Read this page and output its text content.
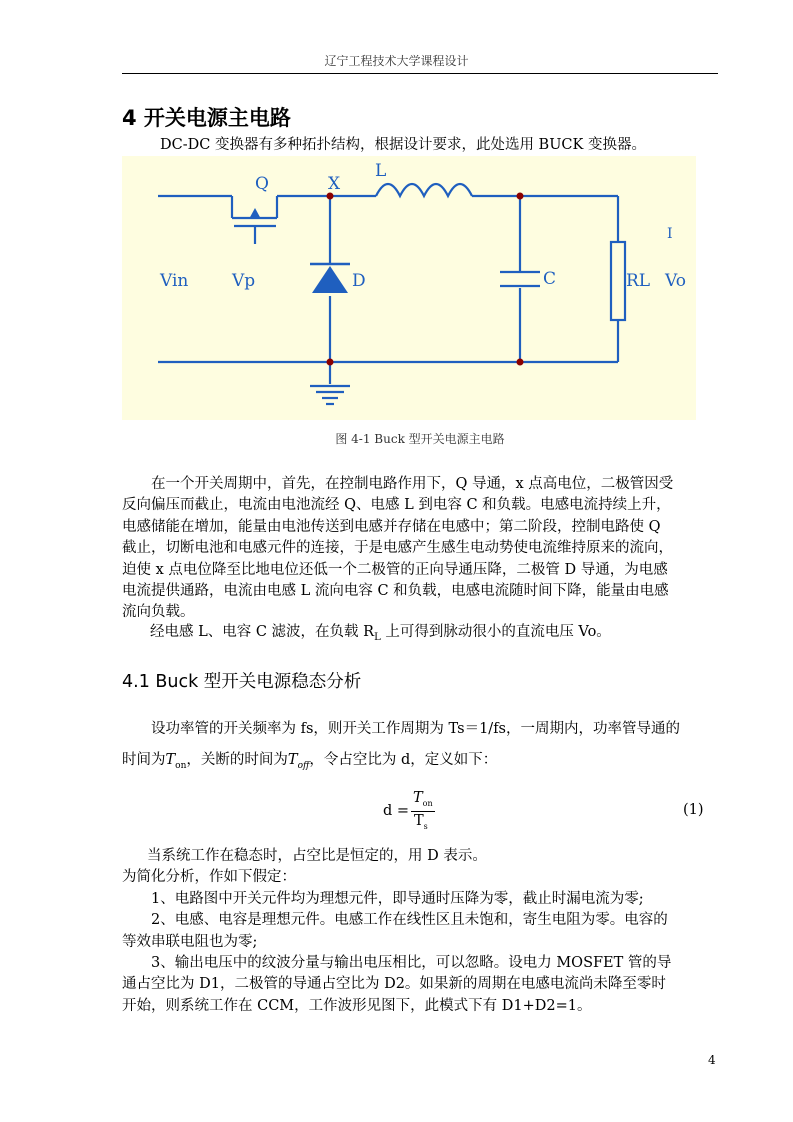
辽宁工程技术大学课程设计
4 开关电源主电路
DC-DC 变换器有多种拓扑结构，根据设计要求，此处选用 BUCK 变换器。
Q	X
L
Vin	Vp	D	C	RL Vo
I
图 4-1 Buck 型开关电源主电路
在一个开关周期中，首先，在控制电路作用下，Q 导通，x 点高电位，二极管因受
反向偏压而截止，电流由电池流经 Q、电感 L 到电容 C 和负载。电感电流持续上升，
电感储能在增加，能量由电池传送到电感并存储在电感中；第二阶段，控制电路使 Q
截止，切断电池和电感元件的连接，于是电感产生感生电动势使电流维持原来的流向，
迫使 x 点电位降至比地电位还低一个二极管的正向导通压降，二极管 D 导通，为电感
电流提供通路，电流由电感 L 流向电容 C 和负载，电感电流随时间下降，能量由电感
流向负载。
经电感 L、电容 C 滤波，在负载 $R_L$ 上可得到脉动很小的直流电压 Vo。
4.1 Buck 型开关电源稳态分析
设功率管的开关频率为 fs，则开关工作周期为 Ts＝1/fs，一周期内，功率管导通的
时间为$T_{on}$，关断的时间为$T_{off}$，令占空比为 d，定义如下：
d =
$T_{on}$
$T_s$
(1)
当系统工作在稳态时，占空比是恒定的，用 D 表示。
为简化分析，作如下假定：
1、电路图中开关元件均为理想元件，即导通时压降为零，截止时漏电流为零;
2、电感、电容是理想元件。电感工作在线性区且未饱和，寄生电阻为零。电容的
等效串联电阻也为零;
3、输出电压中的纹波分量与输出电压相比，可以忽略。设电力 MOSFET 管的导
通占空比为 D1，二极管的导通占空比为 D2。如果新的周期在电感电流尚未降至零时
开始，则系统工作在 CCM，工作波形见图下，此模式下有 D1+D2=1。
4
